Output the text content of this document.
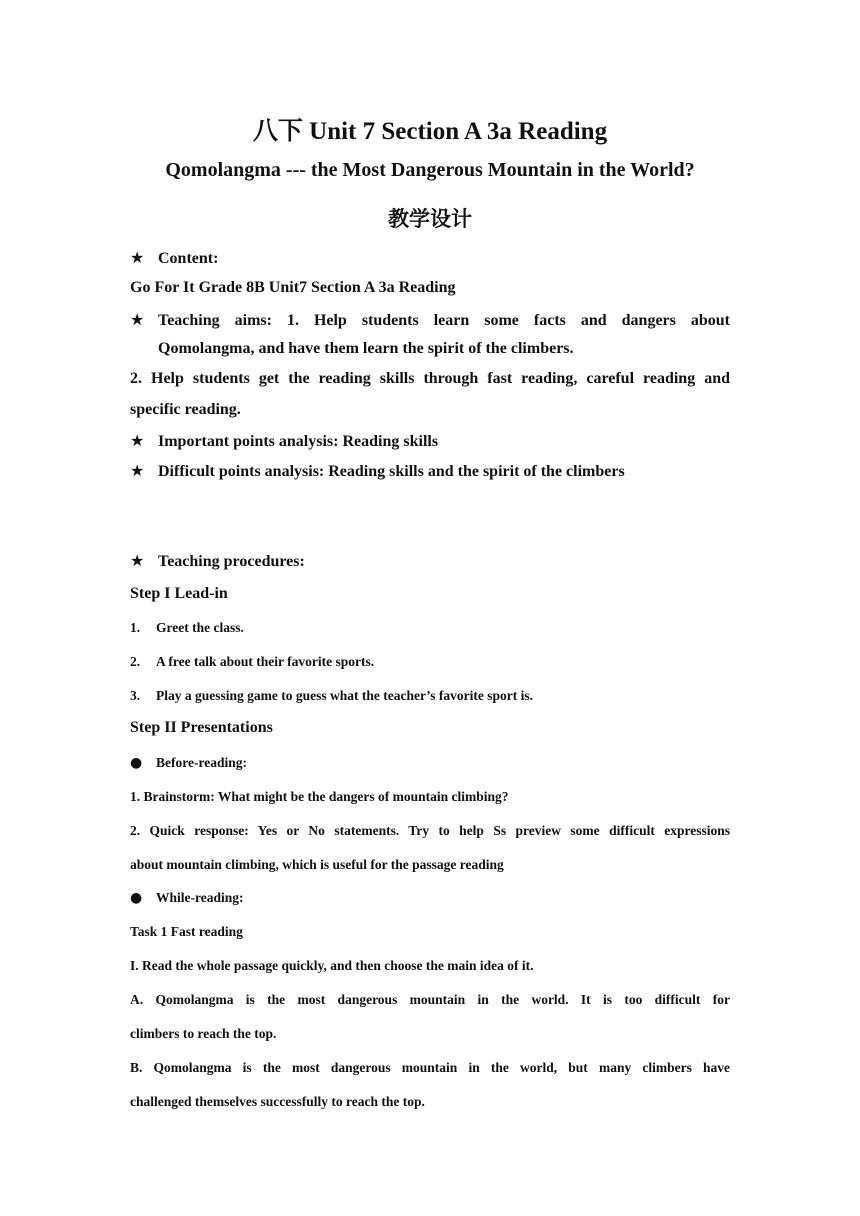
八下 Unit 7 Section A 3a Reading
Qomolangma --- the Most Dangerous Mountain in the World?
教学设计
★ Content:
Go For It Grade 8B Unit7 Section A 3a Reading
★ Teaching aims: 1. Help students learn some facts and dangers about
Qomolangma, and have them learn the spirit of the climbers.
2. Help students get the reading skills through fast reading, careful reading and
specific reading.
★ Important points analysis: Reading skills
★ Difficult points analysis: Reading skills and the spirit of the climbers
★ Teaching procedures:
Step I Lead-in
1. Greet the class.
2. A free talk about their favorite sports.
3. Play a guessing game to guess what the teacher’s favorite sport is.
Step II Presentations
● Before-reading:
1. Brainstorm: What might be the dangers of mountain climbing?
2. Quick response: Yes or No statements. Try to help Ss preview some difficult expressions
about mountain climbing, which is useful for the passage reading
● While-reading:
Task 1 Fast reading
I. Read the whole passage quickly, and then choose the main idea of it.
A. Qomolangma is the most dangerous mountain in the world. It is too difficult for
climbers to reach the top.
B. Qomolangma is the most dangerous mountain in the world, but many climbers have
challenged themselves successfully to reach the top.
